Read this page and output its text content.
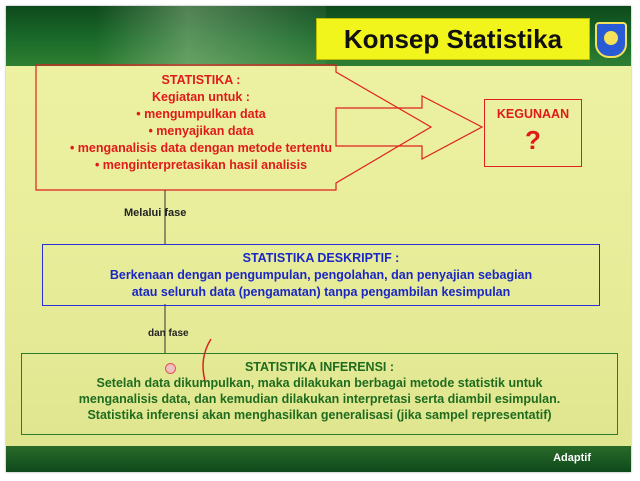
Konsep Statistika
STATISTIKA :
Kegiatan untuk :
• mengumpulkan data
• menyajikan data
• menganalisis data dengan metode tertentu
• menginterpretasikan hasil analisis
KEGUNAAN
?
Melalui fase
dan fase
STATISTIKA DESKRIPTIF :
Berkenaan dengan pengumpulan, pengolahan, dan penyajian sebagian
atau seluruh data (pengamatan) tanpa pengambilan kesimpulan
STATISTIKA INFERENSI :
Setelah data dikumpulkan, maka dilakukan berbagai metode statistik untuk
menganalisis data, dan kemudian dilakukan interpretasi serta diambil esimpulan.
Statistika inferensi akan menghasilkan generalisasi (jika sampel representatif)
Adaptif
